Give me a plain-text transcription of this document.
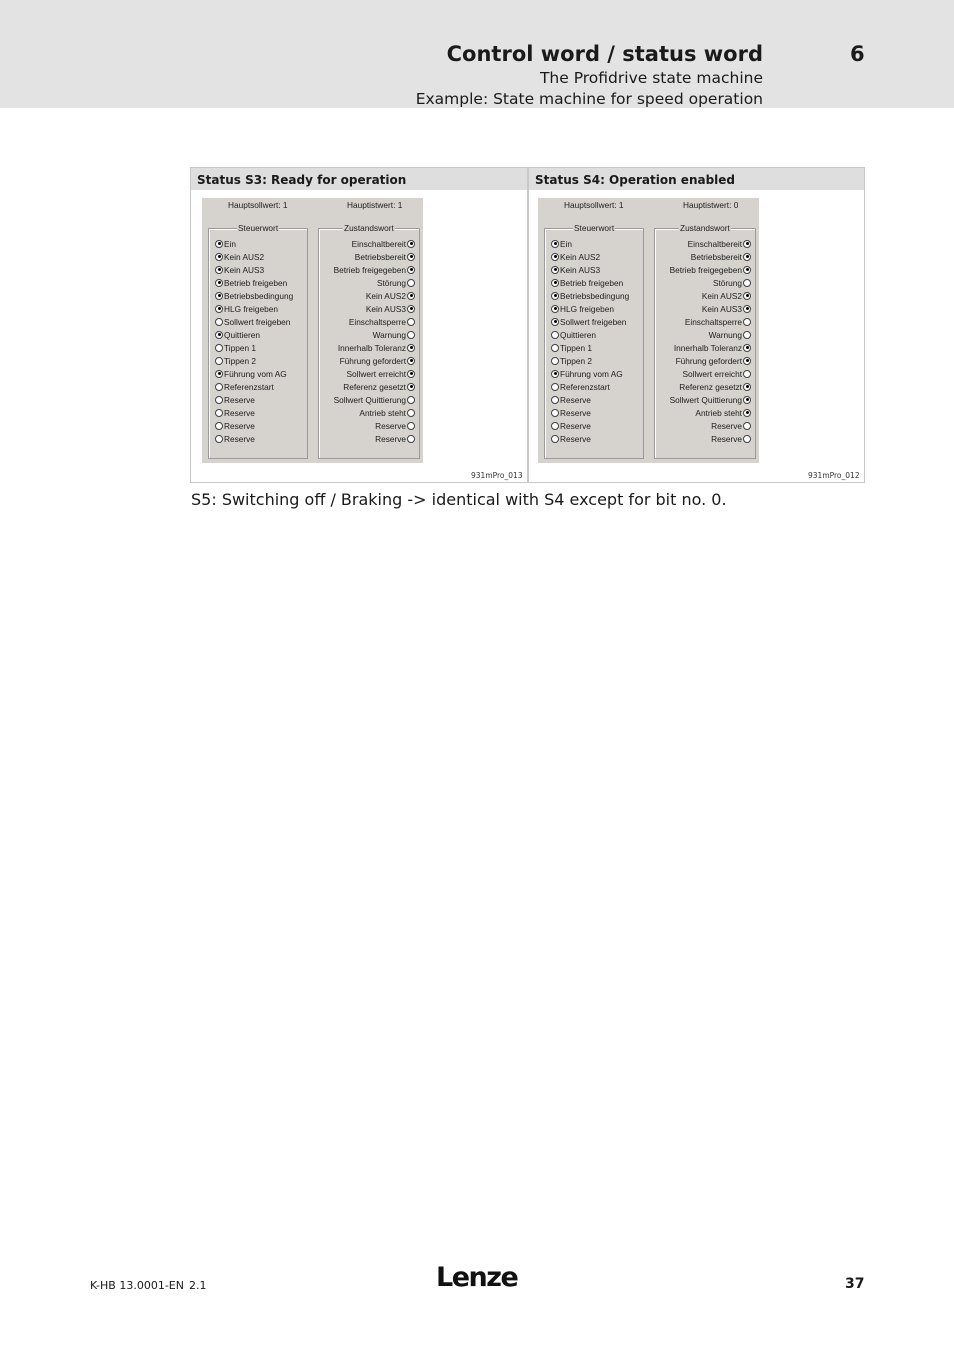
Control word / status word	6
The Profidrive state machine
Example: State machine for speed operation
Status S3: Ready for operation	Status S4: Operation enabled
Hauptsollwert: 1	Hauptistwert: 1
Steuerwort
Ein
Kein AUS2
Kein AUS3
Betrieb freigeben
Betriebsbedingung
HLG freigeben
Sollwert freigeben
Quittieren
Tippen 1
Tippen 2
Führung vom AG
Referenzstart
Reserve
Reserve
Reserve
Reserve
Zustandswort
Einschaltbereit
Betriebsbereit
Betrieb freigegeben
Störung
Kein AUS2
Kein AUS3
Einschaltsperre
Warnung
Innerhalb Toleranz
Führung gefordert
Sollwert erreicht
Referenz gesetzt
Sollwert Quittierung
Antrieb steht
Reserve
Reserve
Hauptsollwert: 1	Hauptistwert: 0
Steuerwort
Ein
Kein AUS2
Kein AUS3
Betrieb freigeben
Betriebsbedingung
HLG freigeben
Sollwert freigeben
Quittieren
Tippen 1
Tippen 2
Führung vom AG
Referenzstart
Reserve
Reserve
Reserve
Reserve
Zustandswort
Einschaltbereit
Betriebsbereit
Betrieb freigegeben
Störung
Kein AUS2
Kein AUS3
Einschaltsperre
Warnung
Innerhalb Toleranz
Führung gefordert
Sollwert erreicht
Referenz gesetzt
Sollwert Quittierung
Antrieb steht
Reserve
Reserve
931mPro_013	931mPro_012
S5: Switching off / Braking -> identical with S4 except for bit no. 0.
K-HB 13.0001-EN 2.1	Lenze	37
